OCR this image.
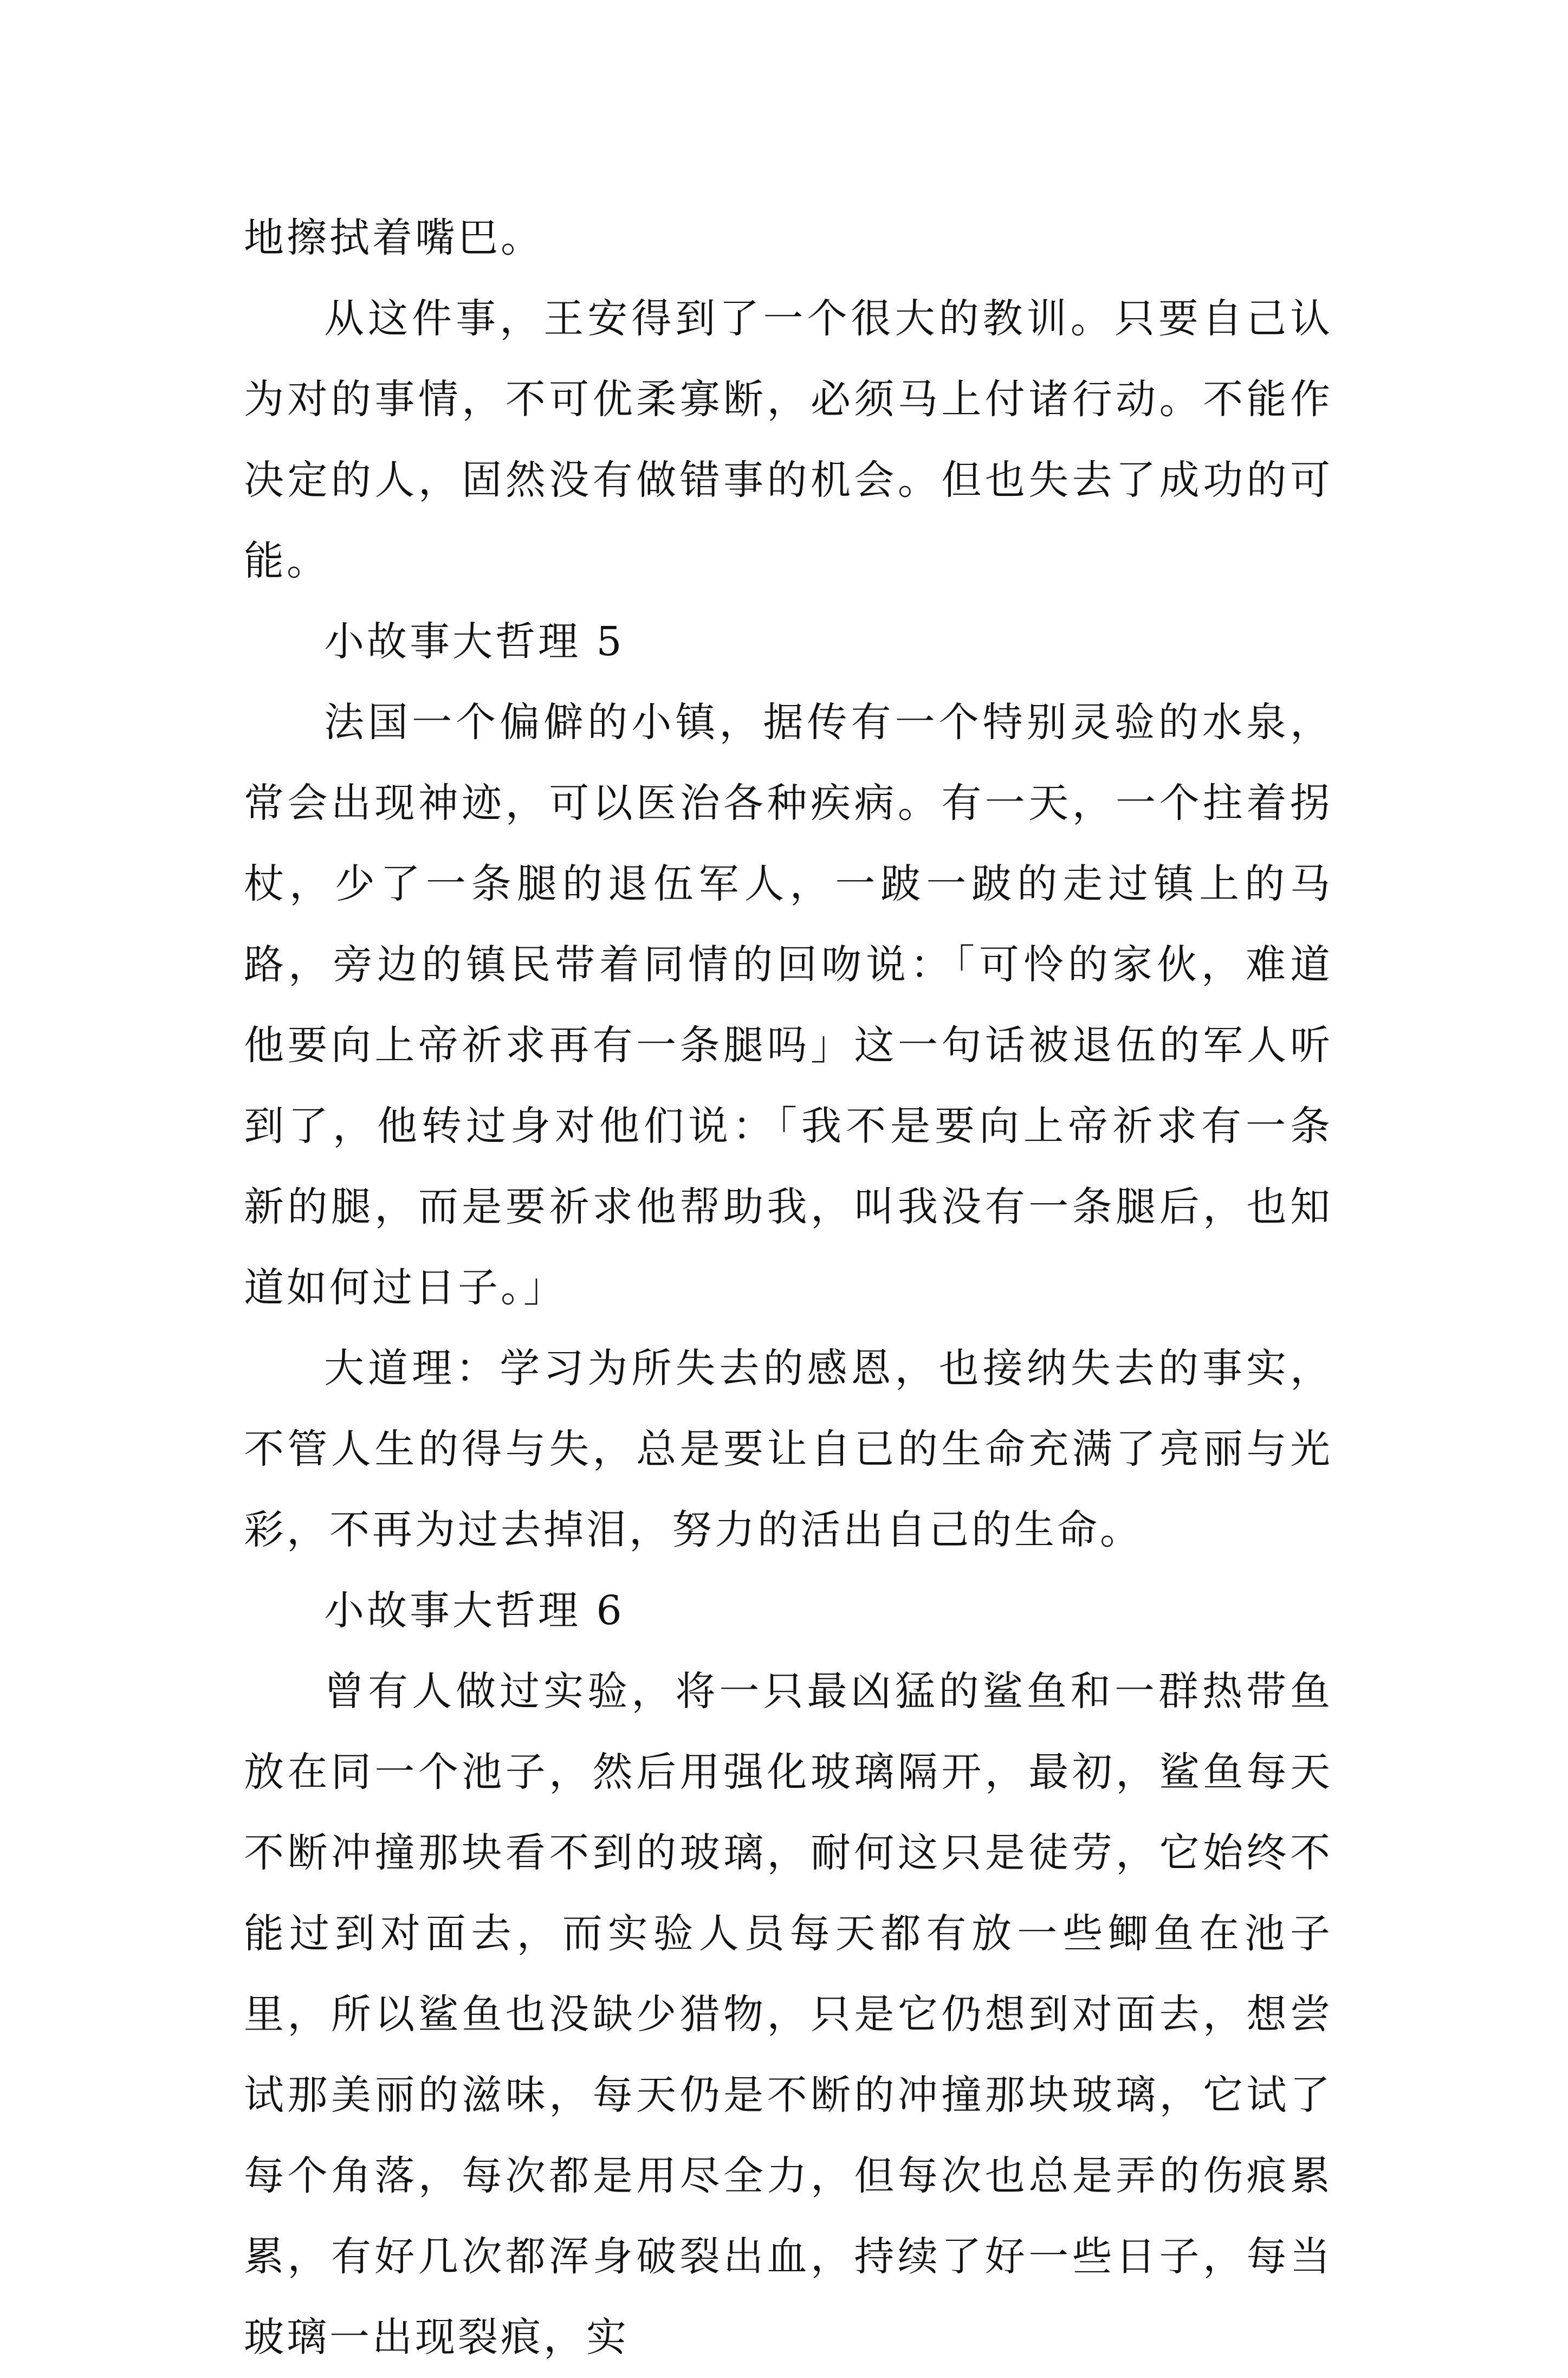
地擦拭着嘴巴。

从这件事，王安得到了一个很大的教训。只要自己认为对的事情，不可优柔寡断，必须马上付诸行动。不能作决定的人，固然没有做错事的机会。但也失去了成功的可能。

小故事大哲理 5

法国一个偏僻的小镇，据传有一个特别灵验的水泉，常会出现神迹，可以医治各种疾病。有一天，一个拄着拐杖，少了一条腿的退伍军人，一跛一跛的走过镇上的马路，旁边的镇民带着同情的回吻说：「可怜的家伙，难道他要向上帝祈求再有一条腿吗」这一句话被退伍的军人听到了，他转过身对他们说：「我不是要向上帝祈求有一条新的腿，而是要祈求他帮助我，叫我没有一条腿后，也知道如何过日子。」

大道理：学习为所失去的感恩，也接纳失去的事实，不管人生的得与失，总是要让自已的生命充满了亮丽与光彩，不再为过去掉泪，努力的活出自己的生命。

小故事大哲理 6

曾有人做过实验，将一只最凶猛的鲨鱼和一群热带鱼放在同一个池子，然后用强化玻璃隔开，最初，鲨鱼每天不断冲撞那块看不到的玻璃，耐何这只是徒劳，它始终不能过到对面去，而实验人员每天都有放一些鲫鱼在池子里，所以鲨鱼也没缺少猎物，只是它仍想到对面去，想尝试那美丽的滋味，每天仍是不断的冲撞那块玻璃，它试了每个角落，每次都是用尽全力，但每次也总是弄的伤痕累累，有好几次都浑身破裂出血，持续了好一些日子，每当玻璃一出现裂痕，实
